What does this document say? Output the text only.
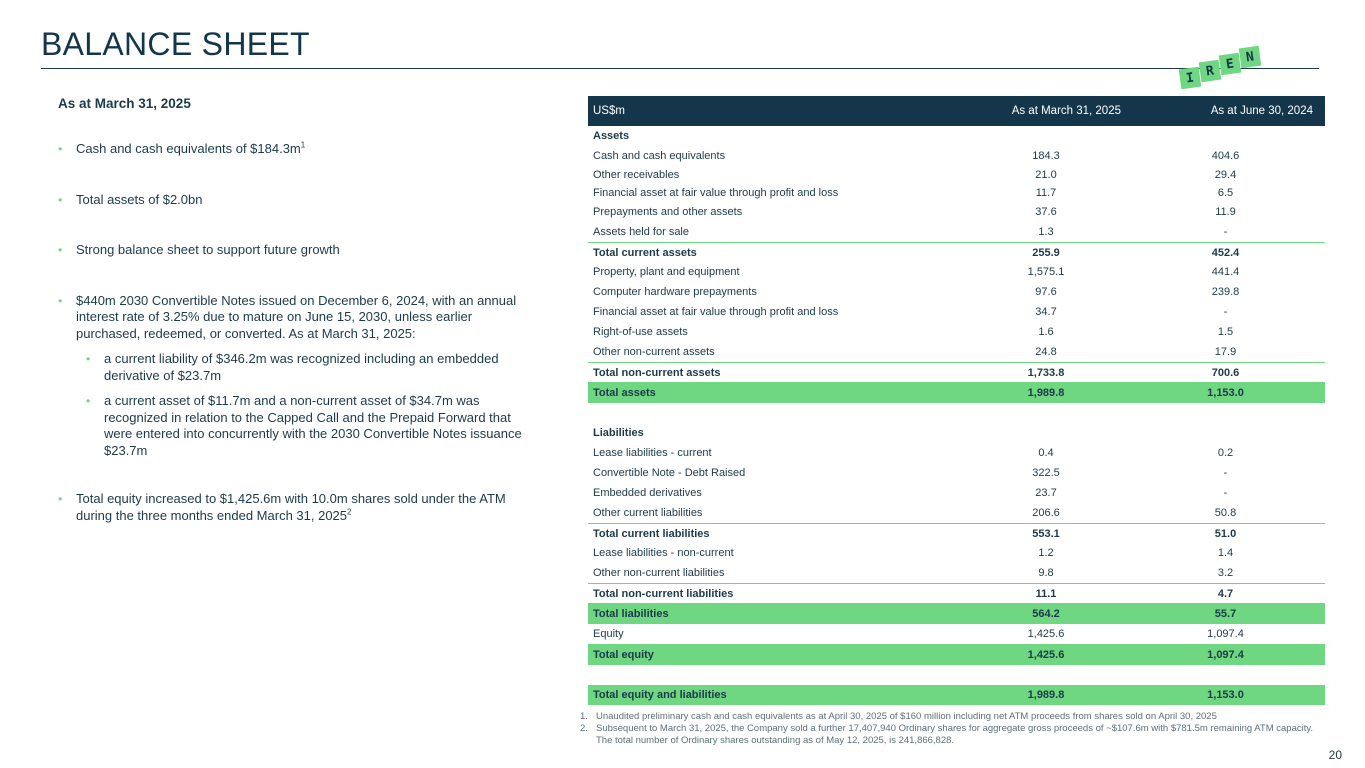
BALANCE SHEET
I R E N
As at March 31, 2025
• Cash and cash equivalents of $\$184.3m^1$
• Total assets of $2.0bn
• Strong balance sheet to support future growth
• $440m 2030 Convertible Notes issued on December 6, 2024, with an annual interest rate of 3.25% due to mature on June 15, 2030, unless earlier purchased, redeemed, or converted. As at March 31, 2025:
• a current liability of $346.2m was recognized including an embedded derivative of $23.7m
• a current asset of $11.7m and a non-current asset of $34.7m was recognized in relation to the Capped Call and the Prepaid Forward that were entered into concurrently with the 2030 Convertible Notes issuance $23.7m
• Total equity increased to $1,425.6m with 10.0m shares sold under the ATM during the three months ended March 31, 2025$^2$
US$m	As at March 31, 2025	As at June 30, 2024
Assets
Cash and cash equivalents	184.3	404.6
Other receivables	21.0	29.4
Financial asset at fair value through profit and loss	11.7	6.5
Prepayments and other assets	37.6	11.9
Assets held for sale	1.3	-
Total current assets	255.9	452.4
Property, plant and equipment	1,575.1	441.4
Computer hardware prepayments	97.6	239.8
Financial asset at fair value through profit and loss	34.7	-
Right-of-use assets	1.6	1.5
Other non-current assets	24.8	17.9
Total non-current assets	1,733.8	700.6
Total assets	1,989.8	1,153.0
Liabilities
Lease liabilities - current	0.4	0.2
Convertible Note - Debt Raised	322.5	-
Embedded derivatives	23.7	-
Other current liabilities	206.6	50.8
Total current liabilities	553.1	51.0
Lease liabilities - non-current	1.2	1.4
Other non-current liabilities	9.8	3.2
Total non-current liabilities	11.1	4.7
Total liabilities	564.2	55.7
Equity	1,425.6	1,097.4
Total equity	1,425.6	1,097.4
Total equity and liabilities	1,989.8	1,153.0
1. Unaudited preliminary cash and cash equivalents as at April 30, 2025 of $160 million including net ATM proceeds from shares sold on April 30, 2025
2. Subsequent to March 31, 2025, the Company sold a further 17,407,940 Ordinary shares for aggregate gross proceeds of ~$107.6m with $781.5m remaining ATM capacity. The total number of Ordinary shares outstanding as of May 12, 2025, is 241,866,828.
20
